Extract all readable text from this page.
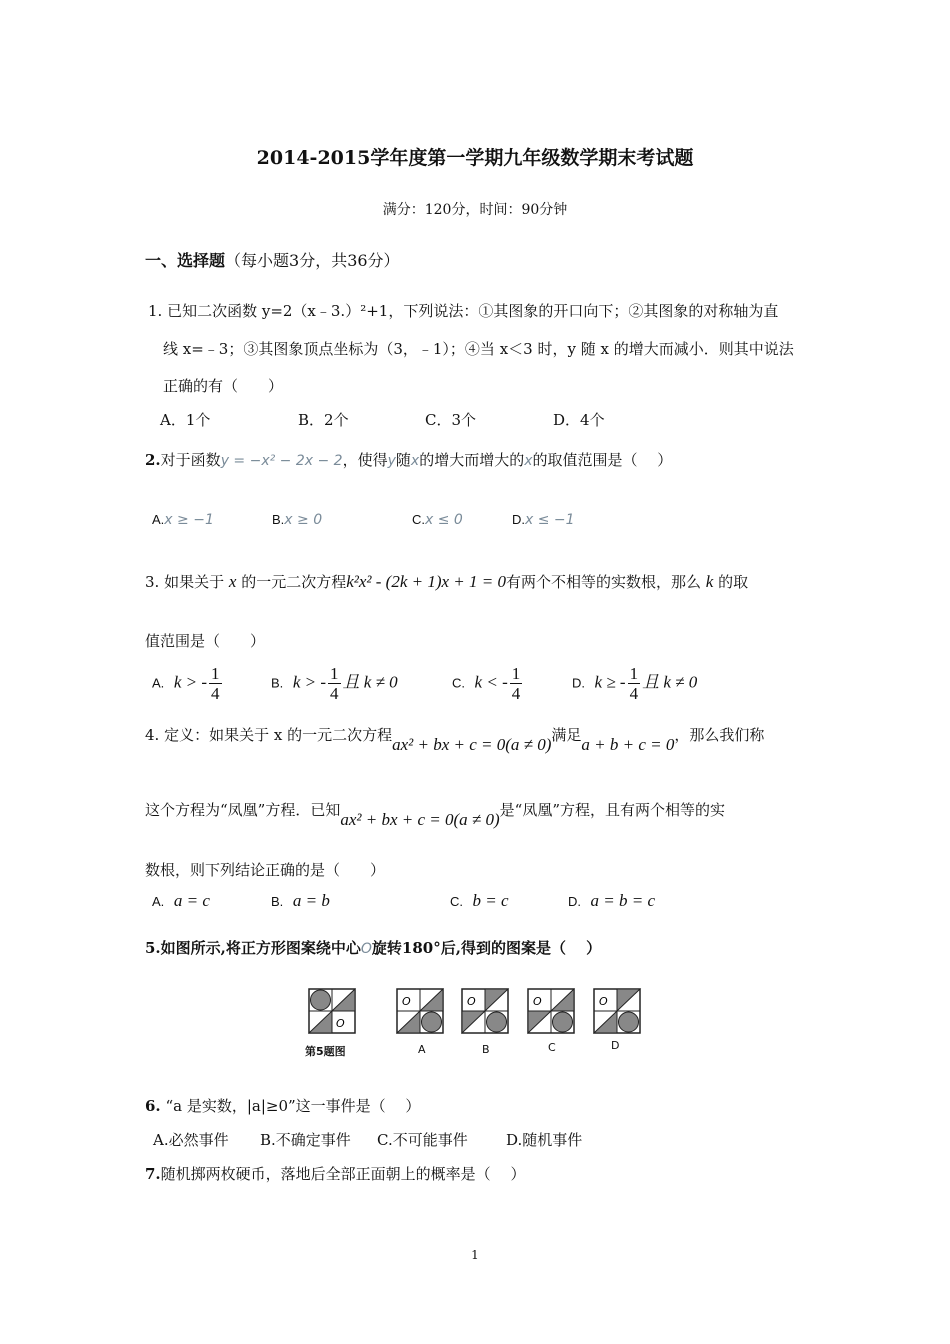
2014-2015学年度第一学期九年级数学期末考试题
满分：120分，时间：90分钟
一、选择题（每小题3分，共36分）
1. 已知二次函数 y=2（x﹣3.）²+1，下列说法：①其图象的开口向下；②其图象的对称轴为直
线 x=﹣3；③其图象顶点坐标为（3，﹣1）；④当 x＜3 时，y 随 x 的增大而减小．则其中说法
正确的有（　　）
A．1个	B．2个	C．3个	D．4个
2.对于函数y = −x² − 2x − 2，使得y随x的增大而增大的x的取值范围是（　 ）
A.x ≥ −1	B.x ≥ 0	C.x ≤ 0	D.x ≤ −1
3. 如果关于 x 的一元二次方程k²x² - (2k + 1)x + 1 = 0有两个不相等的实数根，那么 k 的取
值范围是（　　）
A. k > - $\frac{1}{4}$	B. k > - $\frac{1}{4}$ 且 k ≠ 0	C. k < - $\frac{1}{4}$	D. k ≥ - $\frac{1}{4}$ 且 k ≠ 0
4. 定义：如果关于 x 的一元二次方程ax² + bx + c = 0(a ≠ 0)满足a + b + c = 0，那么我们称
这个方程为“凤凰”方程．已知ax² + bx + c = 0(a ≠ 0)是“凤凰”方程，且有两个相等的实
数根，则下列结论正确的是（　　）
A. a = c	B. a = b	C. b = c	D. a = b = c
5.如图所示,将正方形图案绕中心O旋转180°后,得到的图案是（　 ）
O
第5题图
O
A
O
B
O
C
O
D
6. “a 是实数，|a|≥0”这一事件是（　 ）
A.必然事件 B.不确定事件 C.不可能事件	D.随机事件
7.随机掷两枚硬币，落地后全部正面朝上的概率是（　 ）
1
